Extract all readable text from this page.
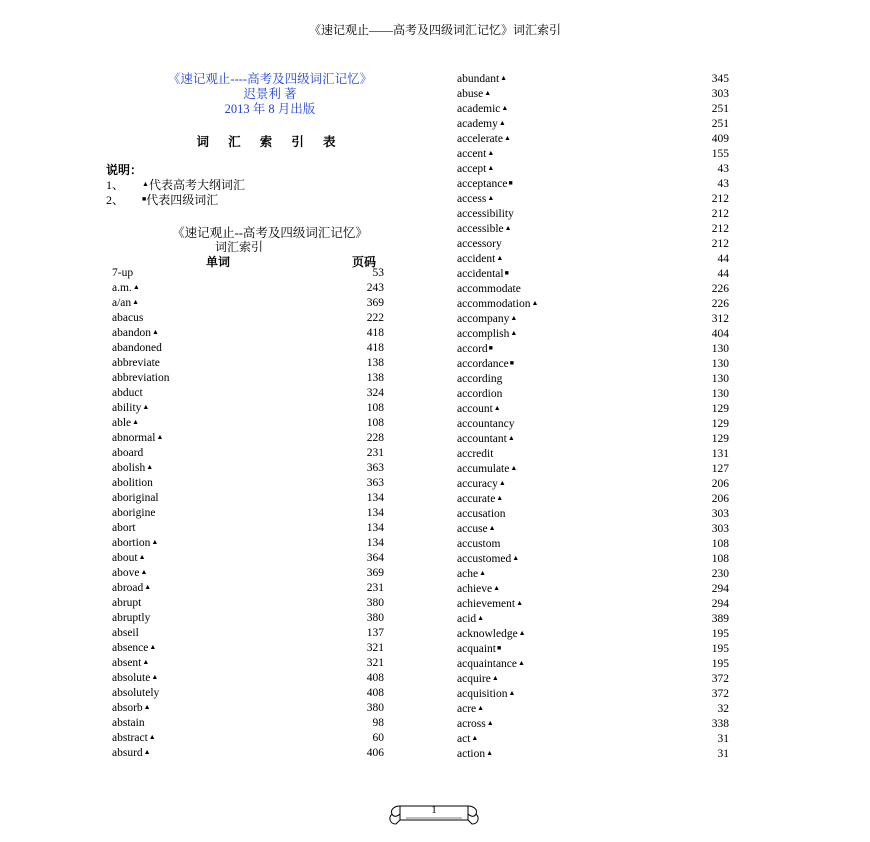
《速记观止——高考及四级词汇记忆》词汇索引
《速记观止----高考及四级词汇记忆》
迟景利 著
2013 年 8 月出版
词 汇 索 引 表
说明：
1、	▲代表高考大纲词汇
2、	■代表四级词汇
《速记观止--高考及四级词汇记忆》
词汇索引
单词	页码
7-up	53
a.m.▲	243
a/an▲	369
abacus	222
abandon▲	418
abandoned	418
abbreviate	138
abbreviation	138
abduct	324
ability▲	108
able▲	108
abnormal▲	228
aboard	231
abolish▲	363
abolition	363
aboriginal	134
aborigine	134
abort	134
abortion▲	134
about▲	364
above▲	369
abroad▲	231
abrupt	380
abruptly	380
abseil	137
absence▲	321
absent▲	321
absolute▲	408
absolutely	408
absorb▲	380
abstain	98
abstract▲	60
absurd▲	406
abundant▲	345
abuse▲	303
academic▲	251
academy▲	251
accelerate▲	409
accent▲	155
accept▲	43
acceptance■	43
access▲	212
accessibility	212
accessible▲	212
accessory	212
accident▲	44
accidental■	44
accommodate	226
accommodation▲	226
accompany▲	312
accomplish▲	404
accord■	130
accordance■	130
according	130
accordion	130
account▲	129
accountancy	129
accountant▲	129
accredit	131
accumulate▲	127
accuracy▲	206
accurate▲	206
accusation	303
accuse▲	303
accustom	108
accustomed▲	108
ache▲	230
achieve▲	294
achievement▲	294
acid▲	389
acknowledge▲	195
acquaint■	195
acquaintance▲	195
acquire▲	372
acquisition▲	372
acre▲	32
across▲	338
act▲	31
action▲	31
1
